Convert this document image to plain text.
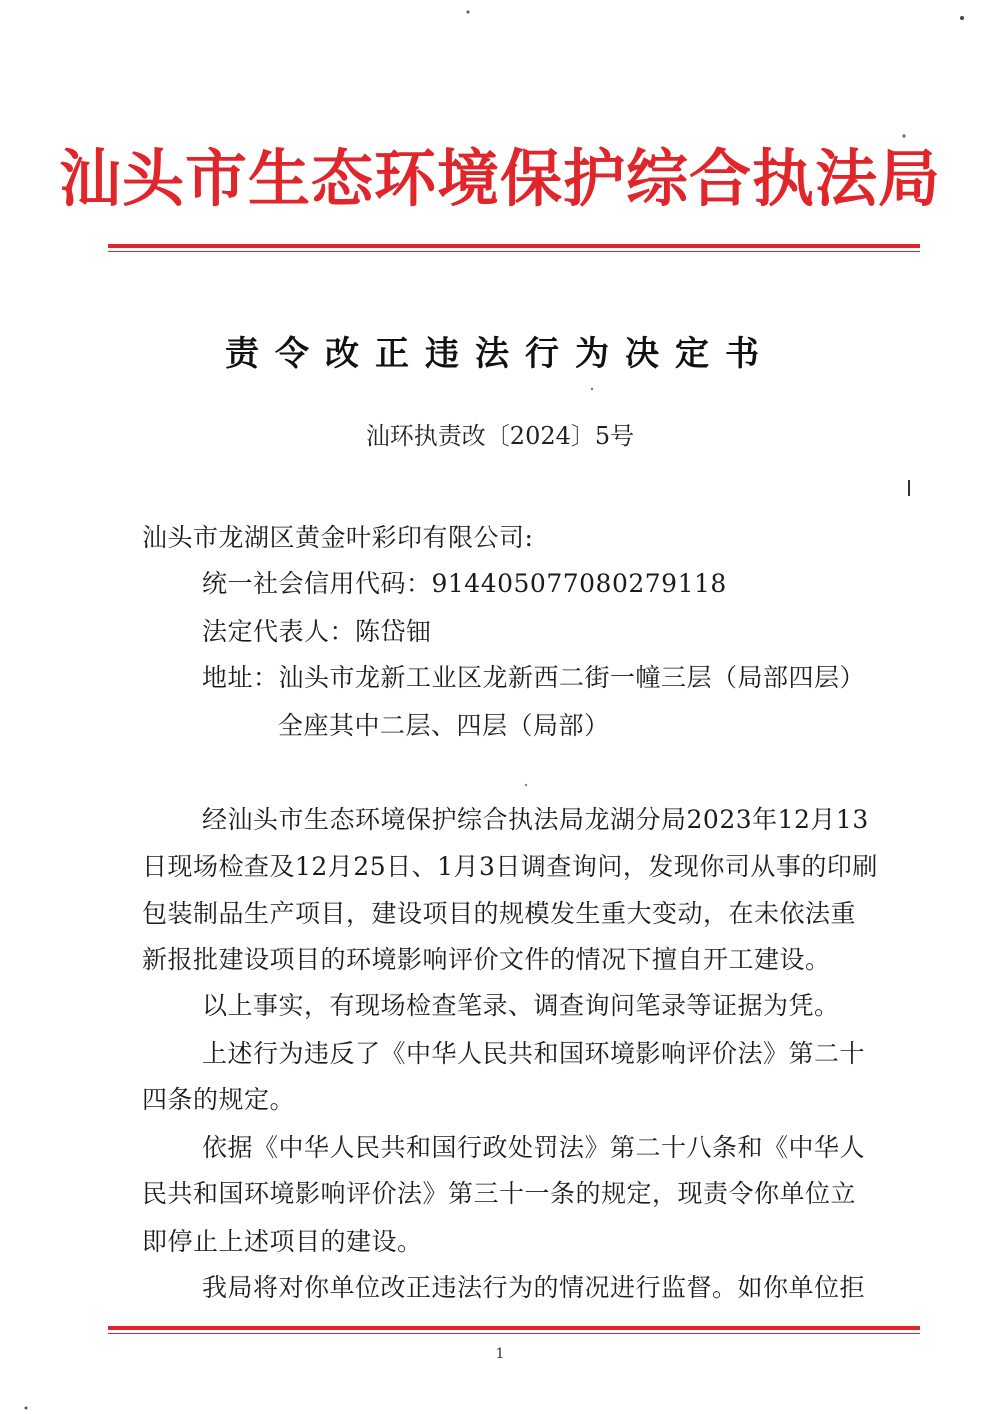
汕头市生态环境保护综合执法局
责令改正违法行为决定书
汕环执责改〔2024〕5号
汕头市龙湖区黄金叶彩印有限公司:
统一社会信用代码：91440507708027911​8
法定代表人：陈岱钿
地址：汕头市龙新工业区龙新西二街一幢三层（局部四层）
全座其中二层、四层（局部）
经汕头市生态环境保护综合执法局龙湖分局2023年12月13
日现场检查及12月25日、1月3日调查询问，发现你司从事的印刷
包装制品生产项目，建设项目的规模发生重大变动，在未依法重
新报批建设项目的环境影响评价文件的情况下擅自开工建设。
以上事实，有现场检查笔录、调查询问笔录等证据为凭。
上述行为违反了《中华人民共和国环境影响评价法》第二十
四条的规定。
依据《中华人民共和国行政处罚法》第二十八条和《中华人
民共和国环境影响评价法》第三十一条的规定，现责令你单位立
即停止上述项目的建设。
我局将对你单位改正违法行为的情况进行监督。如你单位拒
1
